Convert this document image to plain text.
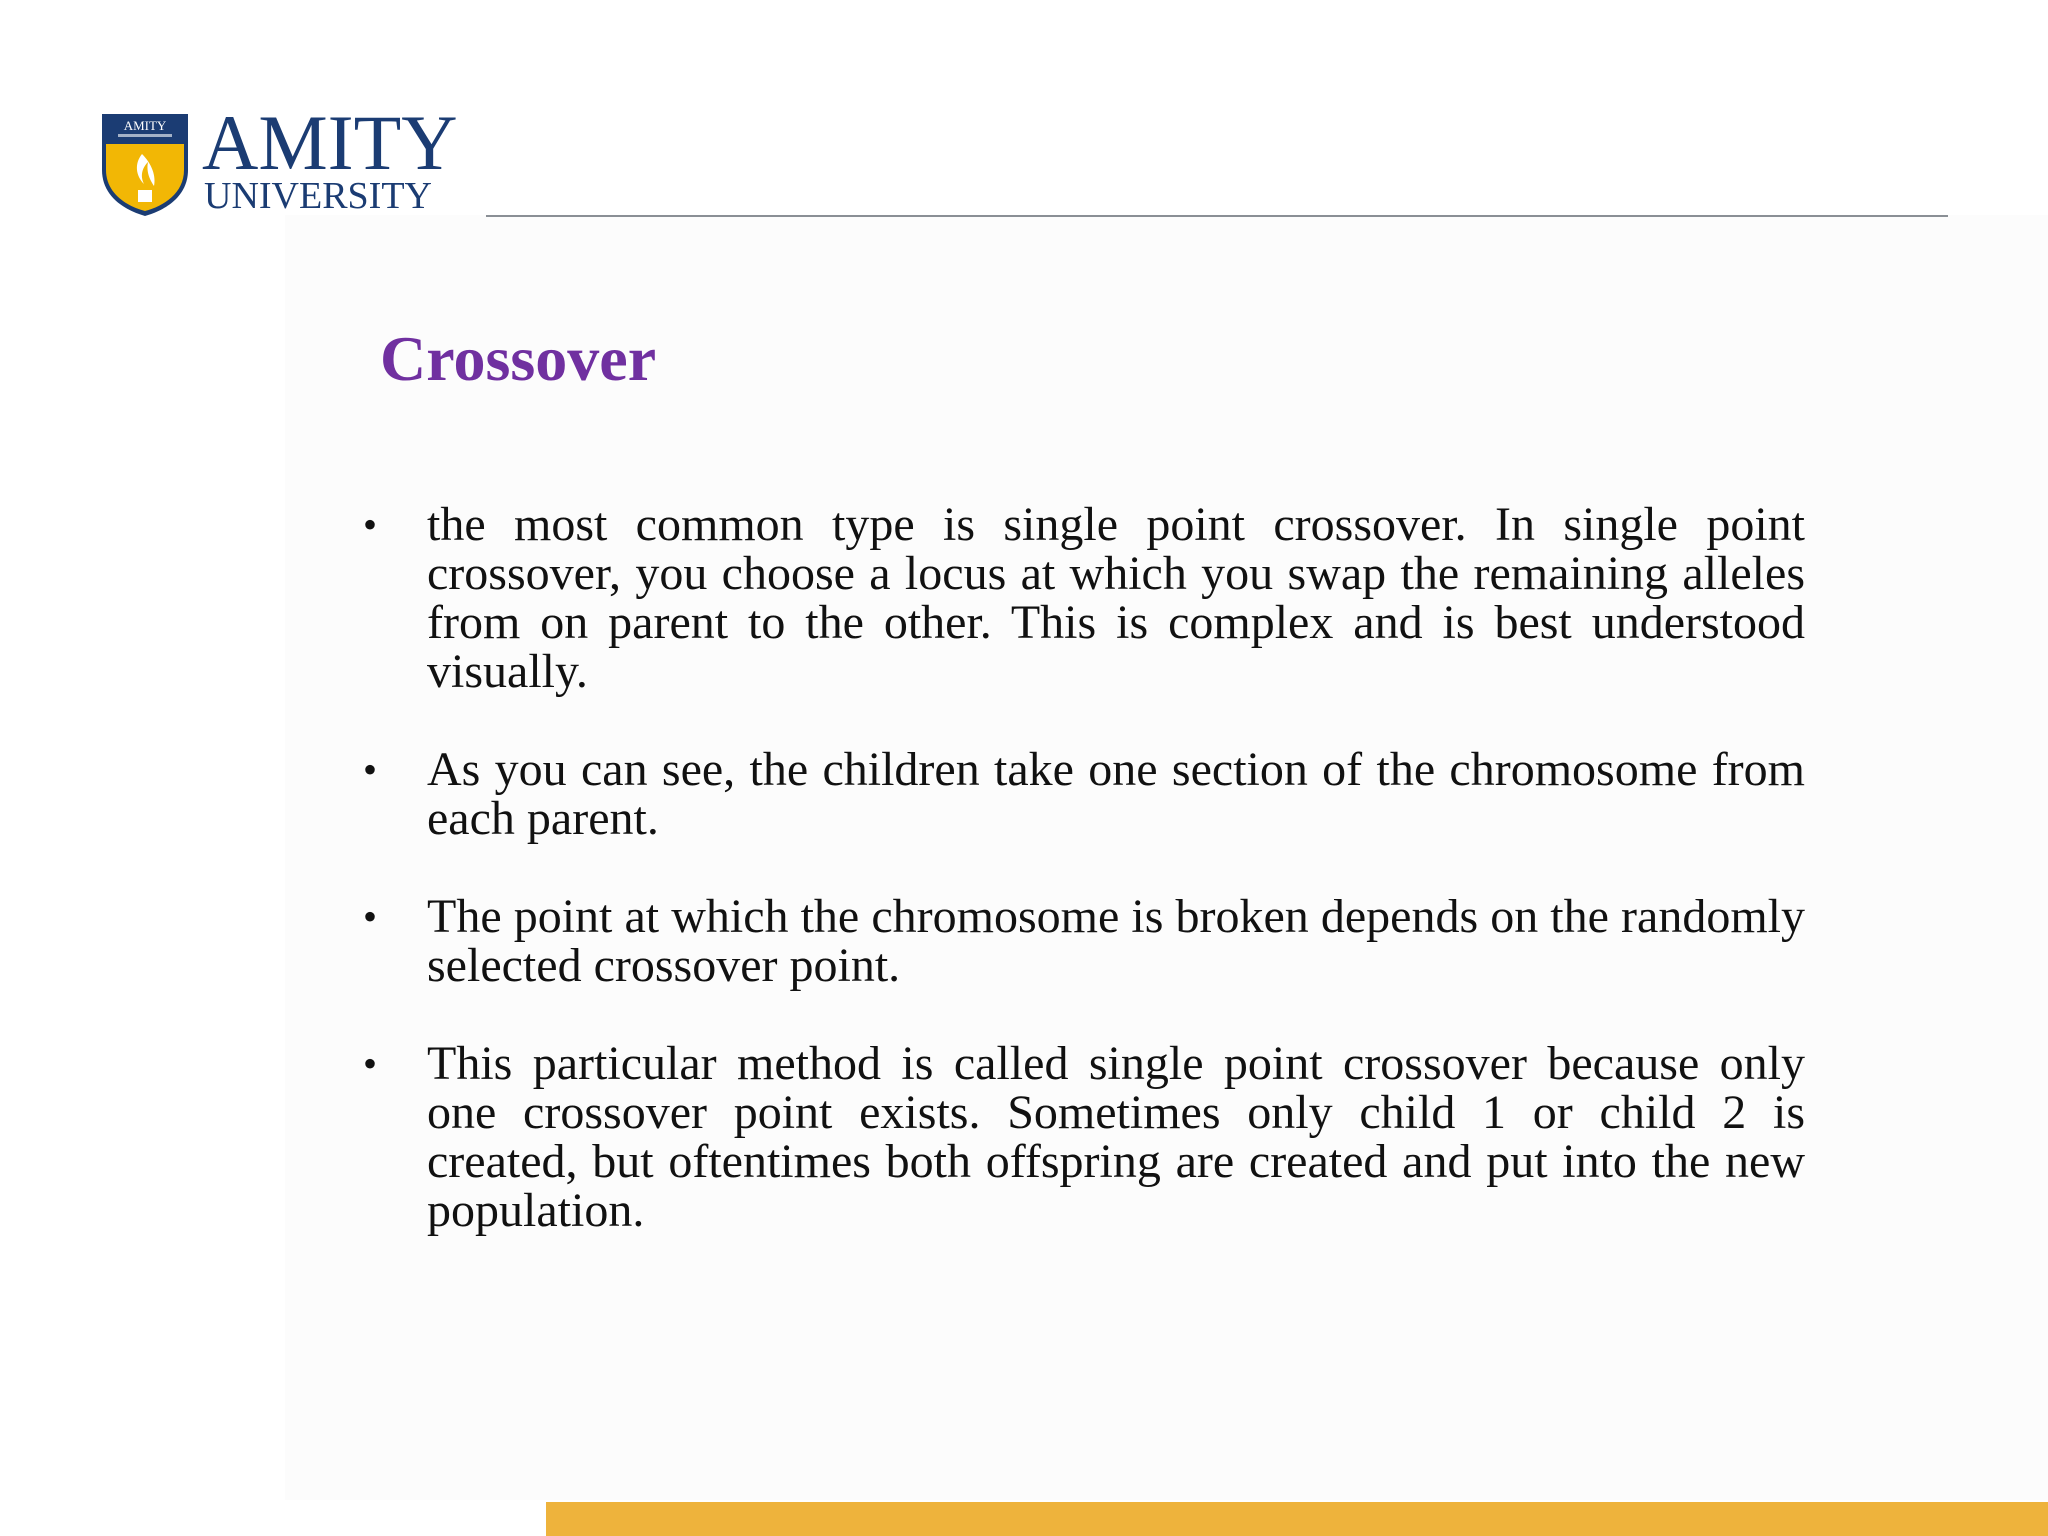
AMITY AMITY
UNIVERSITY
Crossover
• the most common type is single point crossover. In single point crossover, you choose a locus at which you swap the remaining alleles from on parent to the other. This is complex and is best understood visually.
• As you can see, the children take one section of the chromosome from each parent.
• The point at which the chromosome is broken depends on the randomly selected crossover point.
• This particular method is called single point crossover because only one crossover point exists. Sometimes only child 1 or child 2 is created, but oftentimes both offspring are created and put into the new population.
